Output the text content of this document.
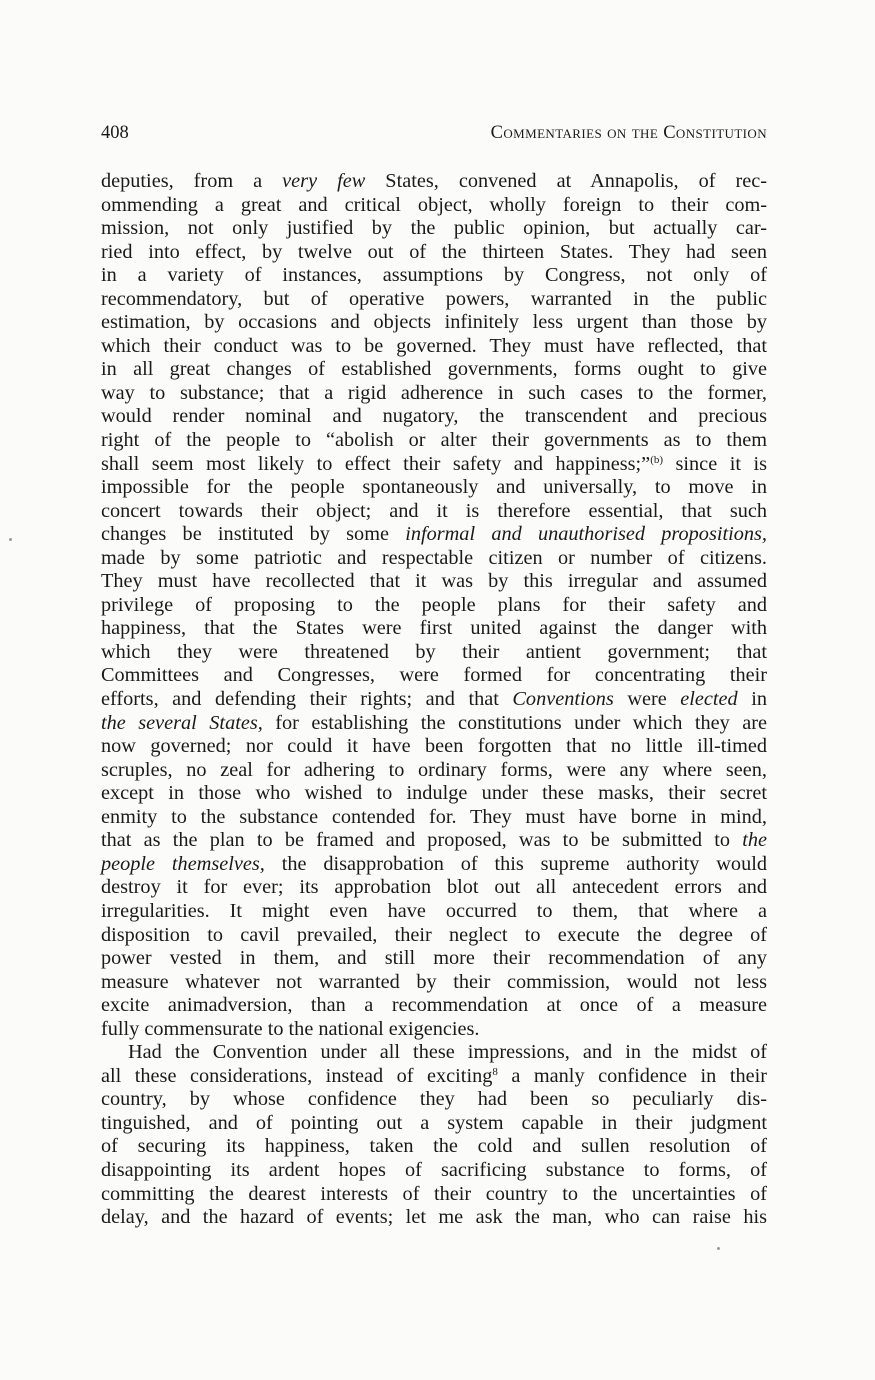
408	Commentaries on the Constitution
deputies, from a very few States, convened at Annapolis, of rec-
ommending a great and critical object, wholly foreign to their com-
mission, not only justified by the public opinion, but actually car-
ried into effect, by twelve out of the thirteen States. They had seen
in a variety of instances, assumptions by Congress, not only of
recommendatory, but of operative powers, warranted in the public
estimation, by occasions and objects infinitely less urgent than those by
which their conduct was to be governed. They must have reflected, that
in all great changes of established governments, forms ought to give
way to substance; that a rigid adherence in such cases to the former,
would render nominal and nugatory, the transcendent and precious
right of the people to “abolish or alter their governments as to them
shall seem most likely to effect their safety and happiness;”$^{(b)}$ since it is
impossible for the people spontaneously and universally, to move in
concert towards their object; and it is therefore essential, that such
changes be instituted by some informal and unauthorised propositions,
made by some patriotic and respectable citizen or number of citizens.
They must have recollected that it was by this irregular and assumed
privilege of proposing to the people plans for their safety and
happiness, that the States were first united against the danger with
which they were threatened by their antient government; that
Committees and Congresses, were formed for concentrating their
efforts, and defending their rights; and that Conventions were elected in
the several States, for establishing the constitutions under which they are
now governed; nor could it have been forgotten that no little ill-timed
scruples, no zeal for adhering to ordinary forms, were any where seen,
except in those who wished to indulge under these masks, their secret
enmity to the substance contended for. They must have borne in mind,
that as the plan to be framed and proposed, was to be submitted to the
people themselves, the disapprobation of this supreme authority would
destroy it for ever; its approbation blot out all antecedent errors and
irregularities. It might even have occurred to them, that where a
disposition to cavil prevailed, their neglect to execute the degree of
power vested in them, and still more their recommendation of any
measure whatever not warranted by their commission, would not less
excite animadversion, than a recommendation at once of a measure
fully commensurate to the national exigencies.
Had the Convention under all these impressions, and in the midst of
all these considerations, instead of exciting$^8$ a manly confidence in their
country, by whose confidence they had been so peculiarly dis-
tinguished, and of pointing out a system capable in their judgment
of securing its happiness, taken the cold and sullen resolution of
disappointing its ardent hopes of sacrificing substance to forms, of
committing the dearest interests of their country to the uncertainties of
delay, and the hazard of events; let me ask the man, who can raise his
